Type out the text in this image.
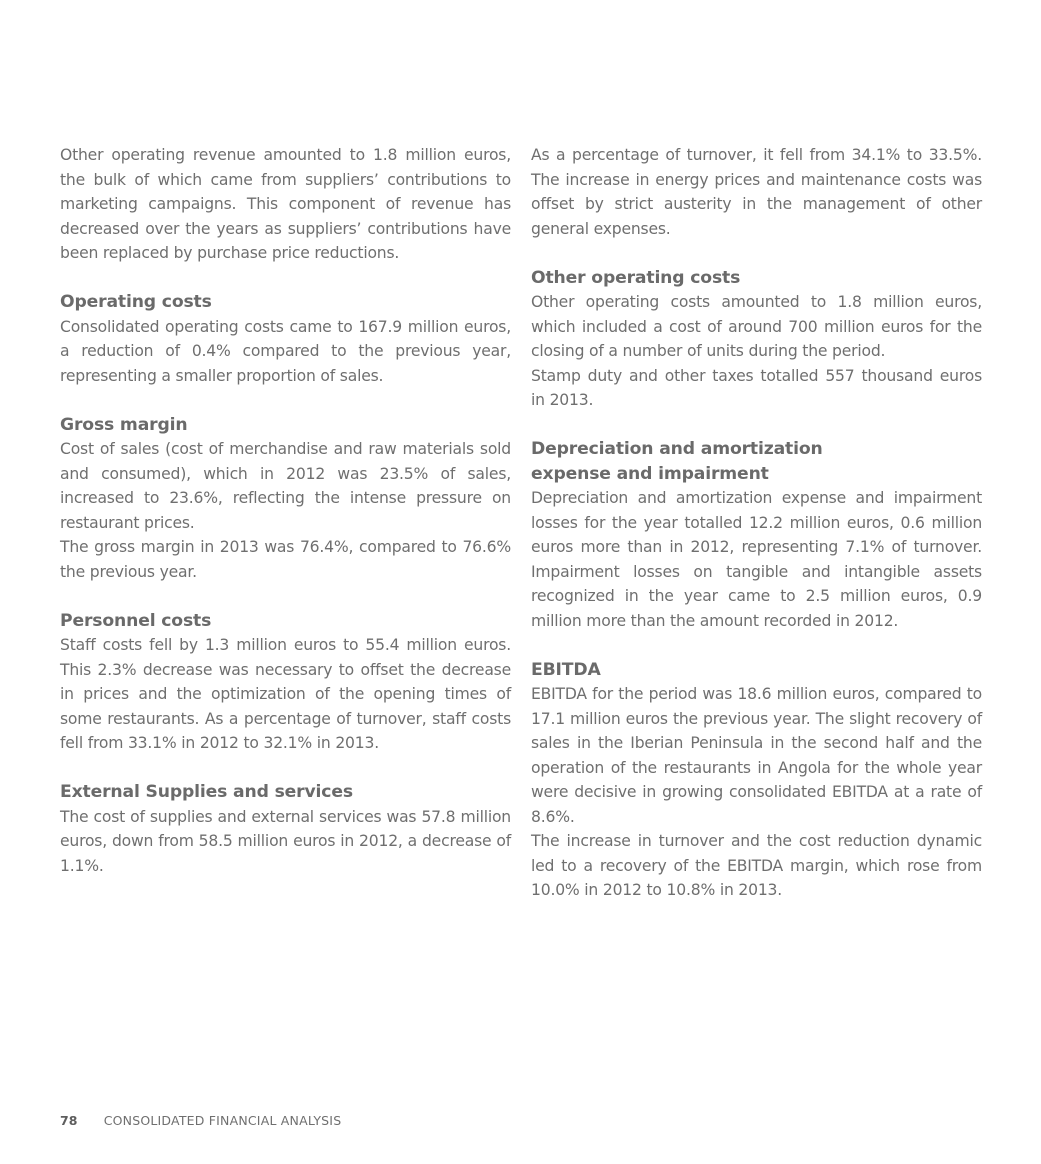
Other operating revenue amounted to 1.8 million euros, the bulk of which came from suppliers’ contributions to marketing campaigns. This component of revenue has decreased over the years as suppliers’ contributions have been replaced by purchase price reductions.

Operating costs

Consolidated operating costs came to 167.9 million euros, a reduction of 0.4% compared to the previous year, representing a smaller proportion of sales.

Gross margin

Cost of sales (cost of merchandise and raw materials sold and consumed), which in 2012 was 23.5% of sales, increased to 23.6%, reflecting the intense pressure on restaurant prices.

The gross margin in 2013 was 76.4%, compared to 76.6% the previous year.

Personnel costs

Staff costs fell by 1.3 million euros to 55.4 million euros. This 2.3% decrease was necessary to offset the decrease in prices and the optimization of the opening times of some restaurants. As a percentage of turnover, staff costs fell from 33.1% in 2012 to 32.1% in 2013.

External Supplies and services

The cost of supplies and external services was 57.8 million euros, down from 58.5 million euros in 2012, a decrease of 1.1%.

As a percentage of turnover, it fell from 34.1% to 33.5%. The increase in energy prices and maintenance costs was offset by strict austerity in the management of other general expenses.

Other operating costs

Other operating costs amounted to 1.8 million euros, which included a cost of around 700 million euros for the closing of a number of units during the period.

Stamp duty and other taxes totalled 557 thousand euros in 2013.

Depreciation and amortization
expense and impairment

Depreciation and amortization expense and impairment losses for the year totalled 12.2 million euros, 0.6 million euros more than in 2012, representing 7.1% of turnover. Impairment losses on tangible and intangible assets recognized in the year came to 2.5 million euros, 0.9 million more than the amount recorded in 2012.

EBITDA

EBITDA for the period was 18.6 million euros, compared to 17.1 million euros the previous year. The slight recovery of sales in the Iberian Peninsula in the second half and the operation of the restaurants in Angola for the whole year were decisive in growing consolidated EBITDA at a rate of 8.6%.

The increase in turnover and the cost reduction dynamic led to a recovery of the EBITDA margin, which rose from 10.0% in 2012 to 10.8% in 2013.

78 CONSOLIDATED FINANCIAL ANALYSIS
